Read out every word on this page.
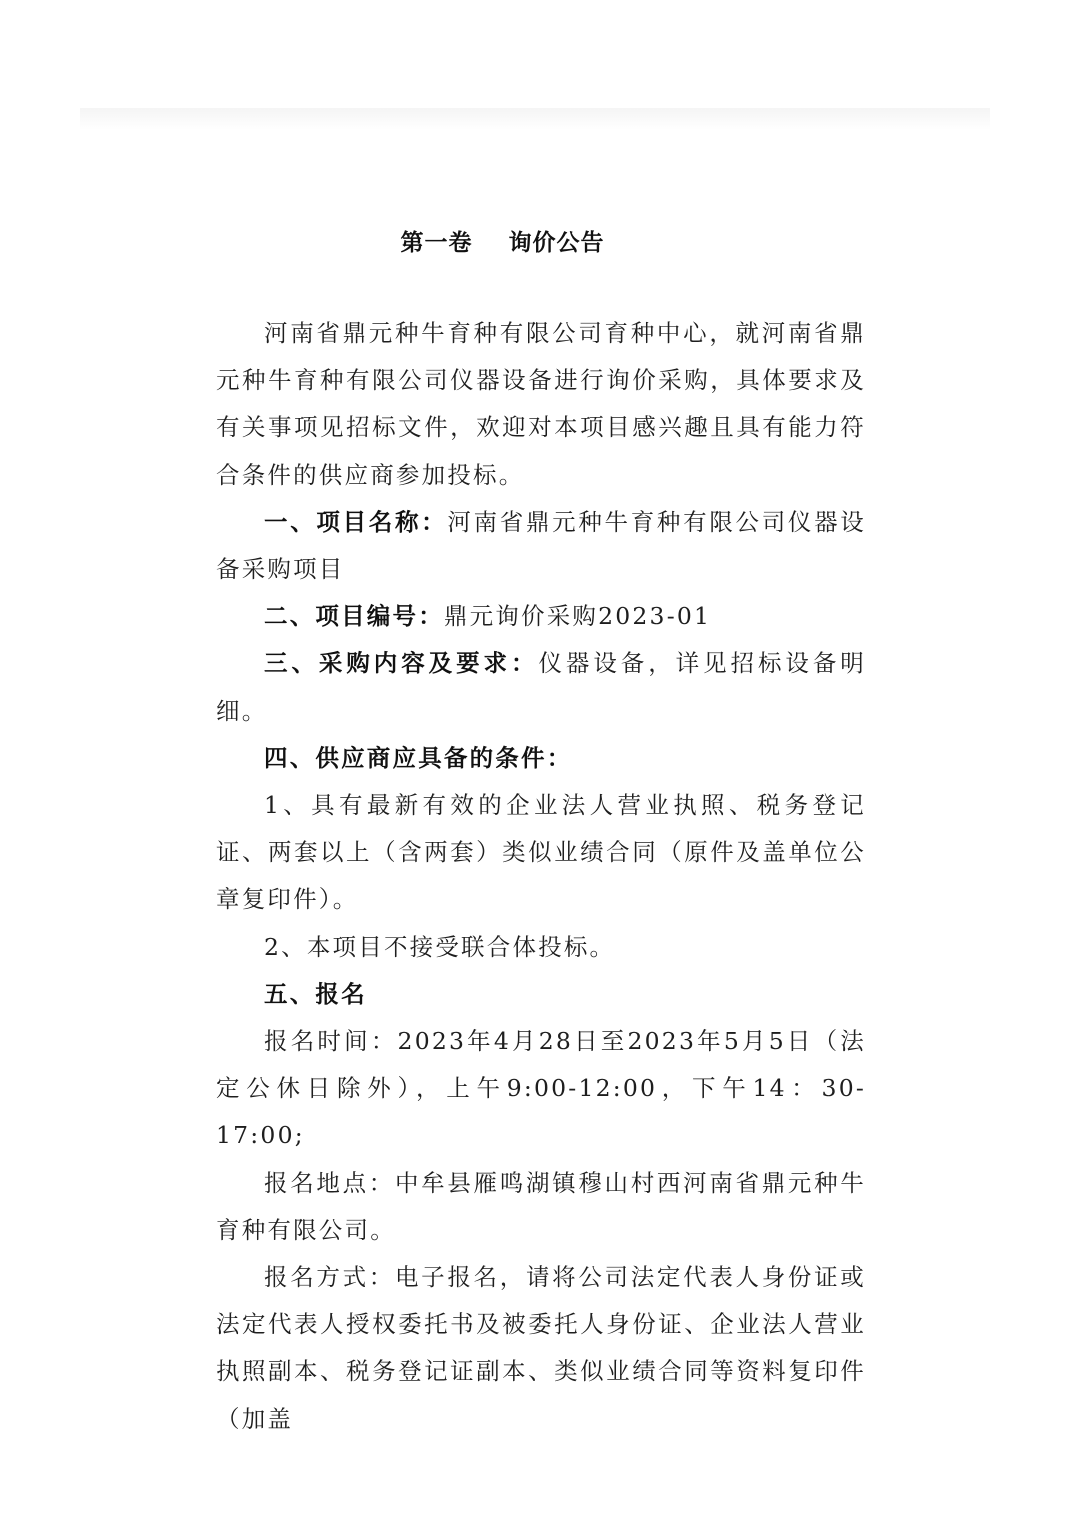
第一卷 询价公告

河南省鼎元种牛育种有限公司育种中心，就河南省鼎元种牛育种有限公司仪器设备进行询价采购，具体要求及有关事项见招标文件，欢迎对本项目感兴趣且具有能力符合条件的供应商参加投标。

一、项目名称：河南省鼎元种牛育种有限公司仪器设备采购项目

二、项目编号：鼎元询价采购2023-01

三、采购内容及要求：仪器设备，详见招标设备明细。

四、供应商应具备的条件：

1、具有最新有效的企业法人营业执照、税务登记证、两套以上（含两套）类似业绩合同（原件及盖单位公章复印件）。

2、本项目不接受联合体投标。

五、报名

报名时间：2023年4月28日至2023年5月5日（法定公休日除外），上午9:00-12:00，下午14：30-17:00;

报名地点：中牟县雁鸣湖镇穆山村西河南省鼎元种牛育种有限公司。

报名方式：电子报名，请将公司法定代表人身份证或法定代表人授权委托书及被委托人身份证、企业法人营业执照副本、税务登记证副本、类似业绩合同等资料复印件（加盖
